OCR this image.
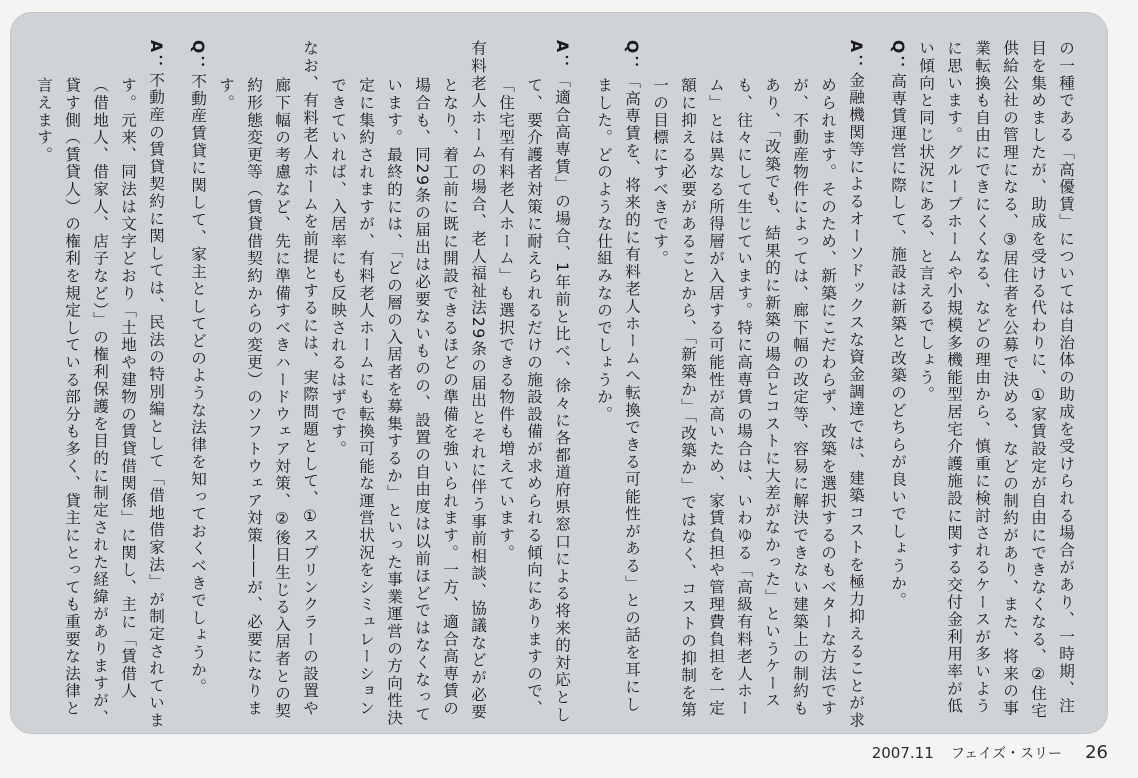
の一種である「高優賃」については自治体の助成を受けられる場合があり、一時期、注目を集めましたが、助成を受ける代わりに、①家賃設定が自由にできなくなる、②住宅供給公社の管理になる、③居住者を公募で決める、などの制約があり、また、将来の事業転換も自由にできにくくなる、などの理由から、慎重に検討されるケースが多いように思います。グループホームや小規模多機能型居宅介護施設に関する交付金利用率が低い傾向と同じ状況にある、と言えるでしょう。

Q：高専賃運営に際して、施設は新築と改築のどちらが良いでしょうか。

A：金融機関等によるオーソドックスな資金調達では、建築コストを極力抑えることが求められます。そのため、新築にこだわらず、改築を選択するのもベターな方法ですが、不動産物件によっては、廊下幅の改定等、容易に解決できない建築上の制約もあり、「改築でも、結果的に新築の場合とコストに大差がなかった」というケースも、往々にして生じています。特に高専賃の場合は、いわゆる「高級有料老人ホーム」とは異なる所得層が入居する可能性が高いため、家賃負担や管理費負担を一定額に抑える必要があることから、「新築か」「改築か」ではなく、コストの抑制を第一の目標にすべきです。

Q：「高専賃を、将来的に有料老人ホームへ転換できる可能性がある」との話を耳にしました。どのような仕組みなのでしょうか。

A：「適合高専賃」の場合、1年前と比べ、徐々に各都道府県窓口による将来的対応として、要介護者対策に耐えられるだけの施設設備が求められる傾向にありますので、「住宅型有料老人ホーム」も選択できる物件も増えています。

有料老人ホームの場合、老人福祉法29条の届出とそれに伴う事前相談、協議などが必要となり、着工前に既に開設できるほどの準備を強いられます。一方、適合高専賃の場合も、同29条の届出は必要ないものの、設置の自由度は以前ほどではなくなっています。最終的には、「どの層の入居者を募集するか」といった事業運営の方向性決定に集約されますが、有料老人ホームにも転換可能な運営状況をシミュレーションできていれば、入居率にも反映されるはずです。

なお、有料老人ホームを前提とするには、実際問題として、①スプリンクラーの設置や廊下幅の考慮など、先に準備すべきハードウェア対策、②後日生じる入居者との契約形態変更等（賃貸借契約からの変更）のソフトウェア対策――が、必要になります。

Q：不動産賃貸に関して、家主としてどのような法律を知っておくべきでしょうか。

A：不動産の賃貸契約に関しては、民法の特別編として「借地借家法」が制定されています。元来、同法は文字どおり「土地や建物の賃貸借関係」に関し、主に「賃借人（借地人、借家人、店子など）」の権利保護を目的に制定された経緯がありますが、貸す側（賃貸人）の権利を規定している部分も多く、貸主にとっても重要な法律と言えます。

2007.11 フェイズ・スリー 26
